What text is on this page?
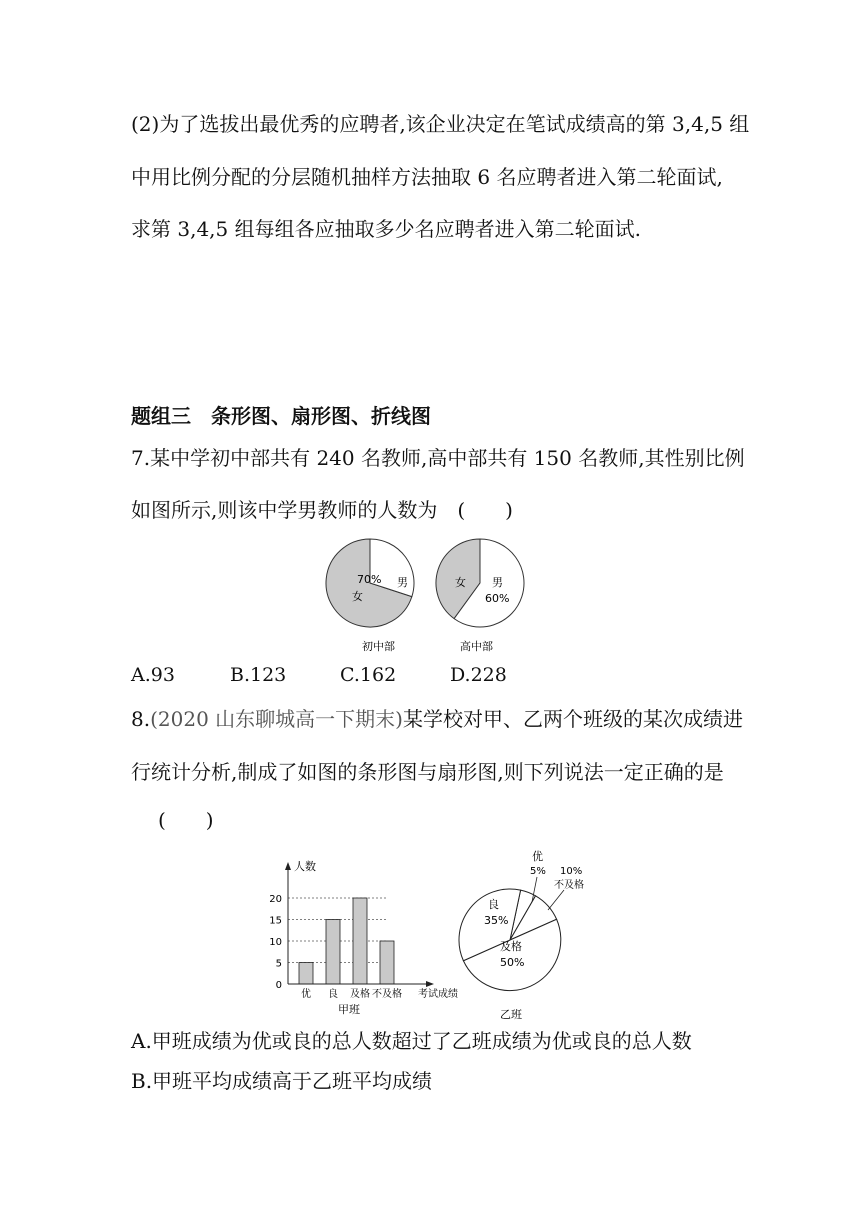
(2)为了选拔出最优秀的应聘者,该企业决定在笔试成绩高的第 3,4,5 组
中用比例分配的分层随机抽样方法抽取 6 名应聘者进入第二轮面试,
求第 3,4,5 组每组各应抽取多少名应聘者进入第二轮面试.
题组三　条形图、扇形图、折线图
7.某中学初中部共有 240 名教师,高中部共有 150 名教师,其性别比例
如图所示,则该中学男教师的人数为　(　　)
70%
女
男
初中部
女 男
60%
高中部
A.93	B.123	C.162	D.228
8.(2020 山东聊城高一下期末)某学校对甲、乙两个班级的某次成绩进
行统计分析,制成了如图的条形图与扇形图,则下列说法一定正确的是
(　　)
0
5
10
15
20
优 良 及格 不及格
人数
考试成绩
甲班
优
5% 10%
不及格
良
35%
及格
50%
乙班
A.甲班成绩为优或良的总人数超过了乙班成绩为优或良的总人数
B.甲班平均成绩高于乙班平均成绩
